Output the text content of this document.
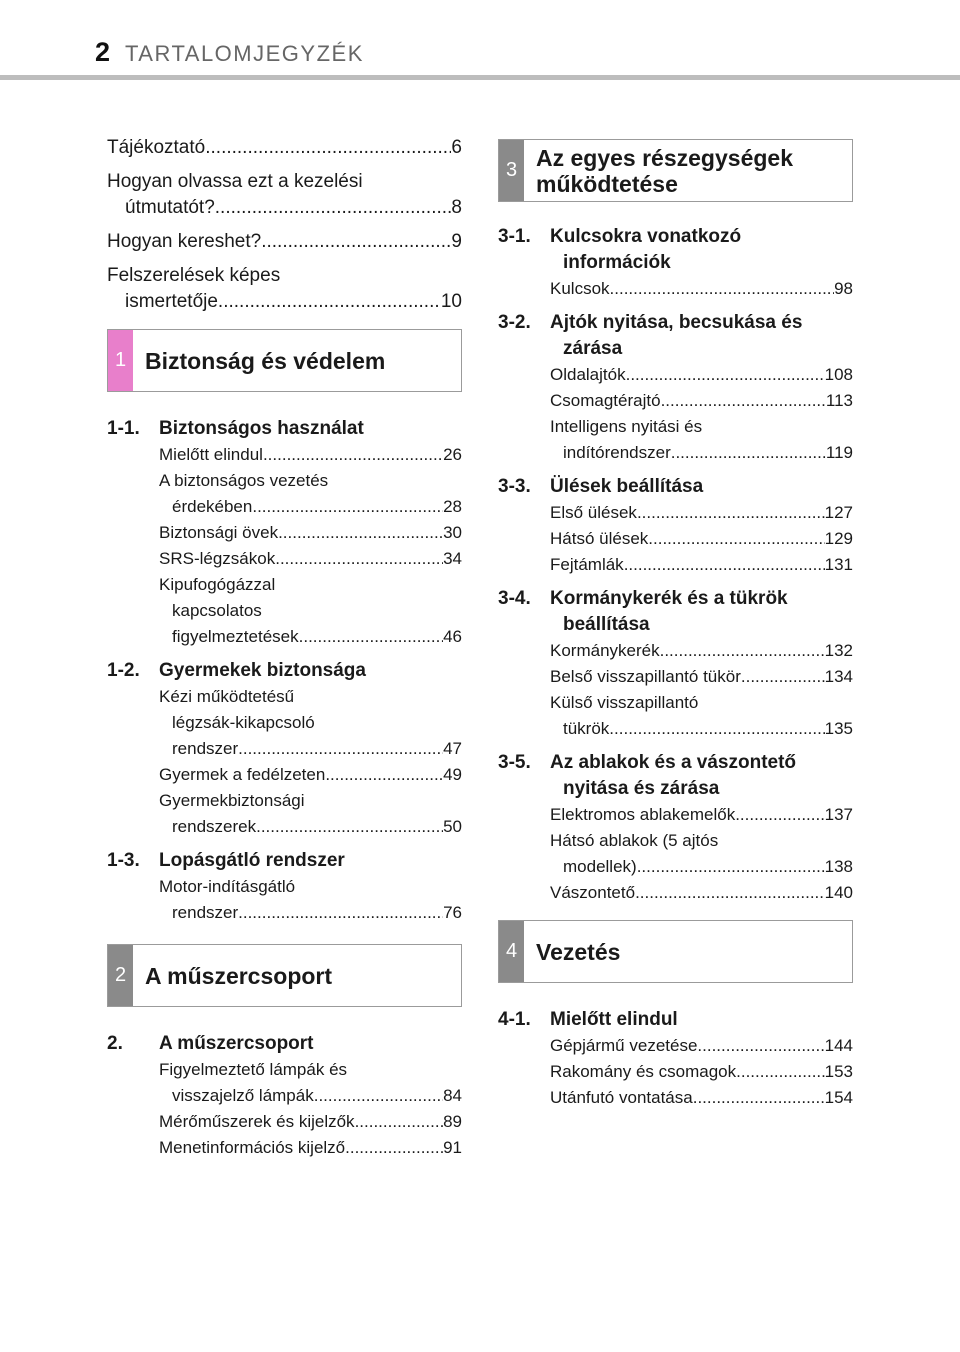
2 TARTALOMJEGYZÉK
Tájékoztató .....	6
Hogyan olvassa ezt a kezelési
útmutatót? .....	8
Hogyan kereshet? .....	9
Felszerelések képes
ismertetője .....	10
1 Biztonság és védelem
1-1.	Biztonságos használat
Mielőtt elindul .....	26
A biztonságos vezetés
érdekében .....	28
Biztonsági övek .....	30
SRS-légzsákok .....	34
Kipufogógázzal
kapcsolatos
figyelmeztetések .....	46
1-2.	Gyermekek biztonsága
Kézi működtetésű
légzsák-kikapcsoló
rendszer .....	47
Gyermek a fedélzeten .....	49
Gyermekbiztonsági
rendszerek .....	50
1-3.	Lopásgátló rendszer
Motor-indításgátló
rendszer .....	76
2 A műszercsoport
2.	A műszercsoport
Figyelmeztető lámpák és
visszajelző lámpák .....	84
Mérőműszerek és kijelzők .....	89
Menetinformációs kijelző .....	91
3 Az egyes részegységek
működtetése
3-1.	Kulcsokra vonatkozó
információk
Kulcsok .....	98
3-2.	Ajtók nyitása, becsukása és
zárása
Oldalajtók .....	108
Csomagtérajtó .....	113
Intelligens nyitási és
indítórendszer .....	119
3-3.	Ülések beállítása
Első ülések .....	127
Hátsó ülések .....	129
Fejtámlák .....	131
3-4.	Kormánykerék és a tükrök
beállítása
Kormánykerék .....	132
Belső visszapillantó tükör .....	134
Külső visszapillantó
tükrök .....	135
3-5.	Az ablakok és a vászontető
nyitása és zárása
Elektromos ablakemelők .....	137
Hátsó ablakok (5 ajtós
modellek) .....	138
Vászontető .....	140
4 Vezetés
4-1.	Mielőtt elindul
Gépjármű vezetése .....	144
Rakomány és csomagok .....	153
Utánfutó vontatása .....	154
